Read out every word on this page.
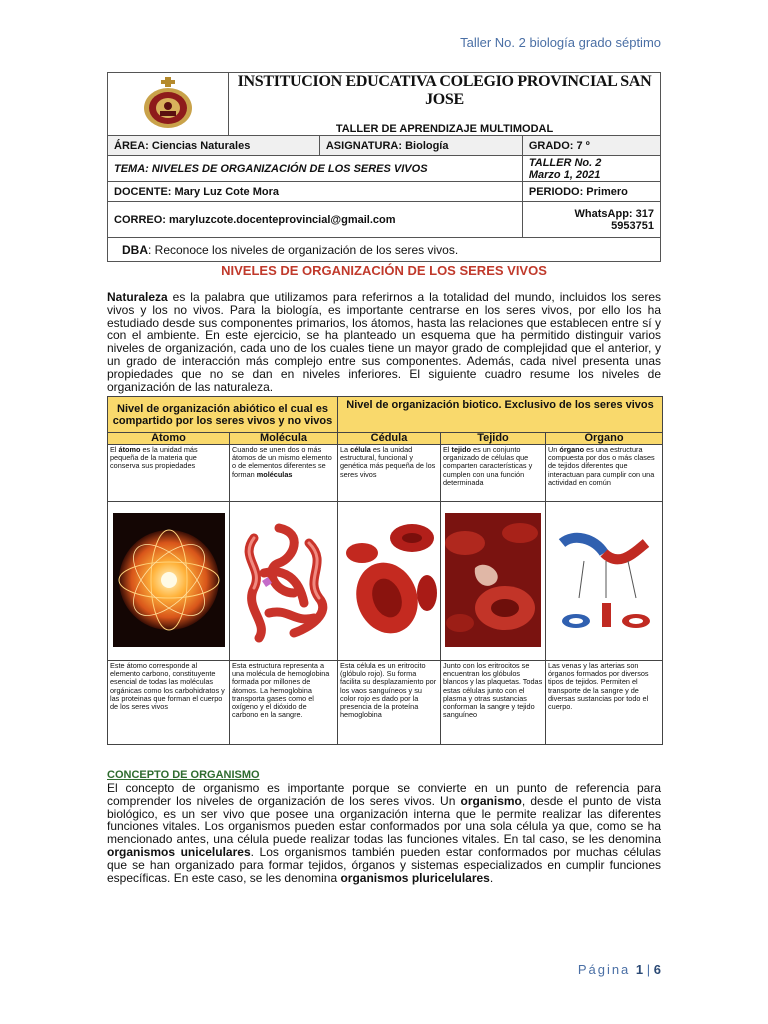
Taller No. 2 biología grado séptimo

INSTITUCION EDUCATIVA COLEGIO PROVINCIAL SAN JOSE
TALLER DE APRENDIZAJE MULTIMODAL		

ÁREA: Ciencias Naturales		ASIGNATURA: Biología	GRADO: 7 º
TEMA: NIVELES DE ORGANIZACIÓN DE LOS SERES VIVOS			TALLER No. 2
Marzo 1, 2021

DOCENTE: Mary Luz Cote Mora			PERIODO: Primero
CORREO: maryluzcote.docenteprovincial@gmail.com			WhatsApp: 317 5953751
DBA: Reconoce los niveles de organización de los seres vivos.			
NIVELES DE ORGANIZACIÓN DE LOS SERES VIVOS
Naturaleza es la palabra que utilizamos para referirnos a la totalidad del mundo, incluidos los seres vivos y los no vivos. Para la biología, es importante centrarse en los seres vivos, por ello los ha estudiado desde sus componentes primarios, los átomos, hasta las relaciones que establecen entre sí y con el ambiente. En este ejercicio, se ha planteado un esquema que ha permitido distinguir varios niveles de organización, cada uno de los cuales tiene un mayor grado de complejidad que el anterior, y un grado de interacción más complejo entre sus componentes. Además, cada nivel presenta unas propiedades que no se dan en niveles inferiores. El siguiente cuadro resume los niveles de organización de las naturaleza.
Nivel de organización abiótico el cual es compartido por los seres vivos y no vivos		Nivel de organización biotico. Exclusivo de los seres vivos		
Atomo	Molécula	Cédula	Tejido	Organo
El átomo es la unidad más pequeña de la materia que conserva sus propiedades	Cuando se unen dos o más átomos de un mismo elemento o de elementos diferentes se forman moléculas	La célula es la unidad estructural, funcional y genética más pequeña de los seres vivos	El tejido es un conjunto organizado de células que comparten características y cumplen con una función determinada	Un órgano es una estructura compuesta por dos o más clases de tejidos diferentes que interactuan para cumplir con una actividad en común

Este átomo corresponde al elemento carbono, constituyente esencial de todas las moléculas orgánicas como los carbohidratos y las proteinas que forman el cuerpo de los seres vivos	Esta estructura representa a una molécula de hemoglobina formada por millones de átomos. La hemoglobina transporta gases como el oxígeno y el dióxido de carbono en la sangre.	Esta célula es un eritrocito (glóbulo rojo). Su forma facilita su desplazamiento por los vaos sanguíneos y su color rojo es dado por la presencia de la proteína hemoglobina	Junto con los eritrocitos se encuentran los glóbulos blancos y las plaquetas. Todas estas células junto con el plasma y otras sustancias conforman la sangre y tejido sanguíneo	Las venas y las arterias son órganos formados por diversos tipos de tejidos. Permiten el transporte de la sangre y de diversas sustancias por todo el cuerpo.
CONCEPTO DE ORGANISMO
El concepto de organismo es importante porque se convierte en un punto de referencia para comprender los niveles de organización de los seres vivos. Un organismo, desde el punto de vista biológico, es un ser vivo que posee una organización interna que le permite realizar las diferentes funciones vitales. Los organismos pueden estar conformados por una sola célula ya que, como se ha mencionado antes, una célula puede realizar todas las funciones vitales. En tal caso, se les denomina organismos unicelulares. Los organismos también pueden estar conformados por muchas células que se han organizado para formar tejidos, órganos y sistemas especializados en cumplir funciones específicas. En este caso, se les denomina organismos pluricelulares.
Página 1 | 6
